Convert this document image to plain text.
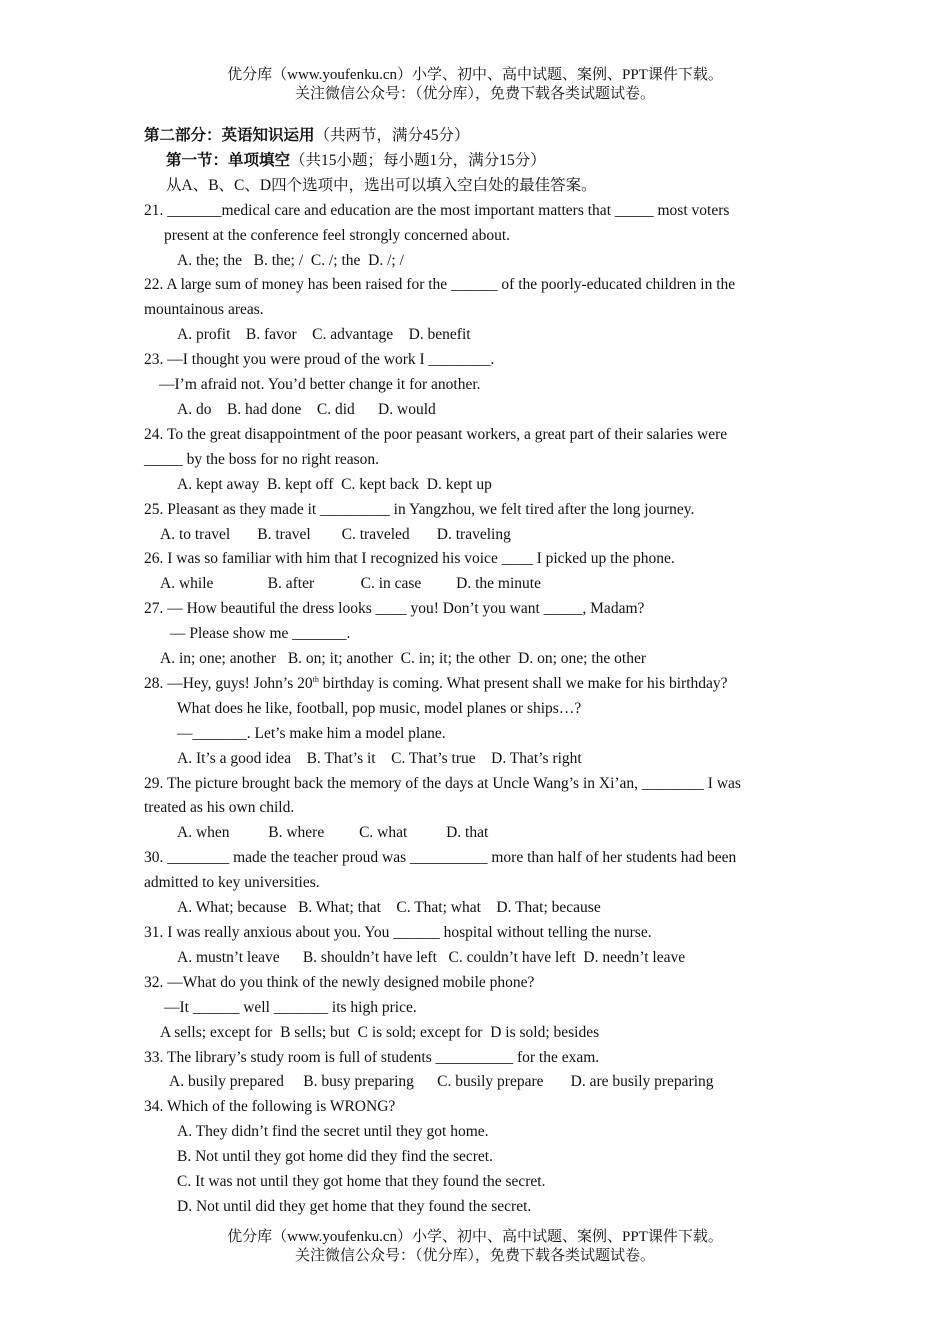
优分库（www.youfenku.cn）小学、初中、高中试题、案例、PPT课件下载。
关注微信公众号：（优分库），免费下载各类试题试卷。
第二部分：英语知识运用（共两节，满分45分）
第一节：单项填空（共15小题；每小题1分，满分15分）
从A、B、C、D四个选项中，选出可以填入空白处的最佳答案。
21. _______medical care and education are the most important matters that _____ most voters
present at the conference feel strongly concerned about.
A. the; the   B. the; /  C. /; the  D. /; /
22. A large sum of money has been raised for the ______ of the poorly-educated children in the
mountainous areas.
A. profit    B. favor    C. advantage    D. benefit
23. —I thought you were proud of the work I ________.
—I’m afraid not. You’d better change it for another.
A. do    B. had done    C. did      D. would
24. To the great disappointment of the poor peasant workers, a great part of their salaries were
_____ by the boss for no right reason.
A. kept away  B. kept off  C. kept back  D. kept up
25. Pleasant as they made it _________ in Yangzhou, we felt tired after the long journey.
A. to travel       B. travel        C. traveled       D. traveling
26. I was so familiar with him that I recognized his voice ____ I picked up the phone.
A. while              B. after            C. in case         D. the minute
27. — How beautiful the dress looks ____ you! Don’t you want _____, Madam?
— Please show me _______.
A. in; one; another   B. on; it; another  C. in; it; the other  D. on; one; the other
28. —Hey, guys! John’s 20th birthday is coming. What present shall we make for his birthday?
What does he like, football, pop music, model planes or ships…?
—_______. Let’s make him a model plane.
A. It’s a good idea    B. That’s it    C. That’s true    D. That’s right
29. The picture brought back the memory of the days at Uncle Wang’s in Xi’an, ________ I was
treated as his own child.
A. when          B. where         C. what          D. that
30. ________ made the teacher proud was __________ more than half of her students had been
admitted to key universities.
A. What; because   B. What; that    C. That; what    D. That; because
31. I was really anxious about you. You ______ hospital without telling the nurse.
A. mustn’t leave      B. shouldn’t have left   C. couldn’t have left  D. needn’t leave
32. —What do you think of the newly designed mobile phone?
—It ______ well _______ its high price.
A sells; except for  B sells; but  C is sold; except for  D is sold; besides
33. The library’s study room is full of students __________ for the exam.
A. busily prepared     B. busy preparing      C. busily prepare       D. are busily preparing
34. Which of the following is WRONG?
A. They didn’t find the secret until they got home.
B. Not until they got home did they find the secret.
C. It was not until they got home that they found the secret.
D. Not until did they get home that they found the secret.
优分库（www.youfenku.cn）小学、初中、高中试题、案例、PPT课件下载。
关注微信公众号：（优分库），免费下载各类试题试卷。
